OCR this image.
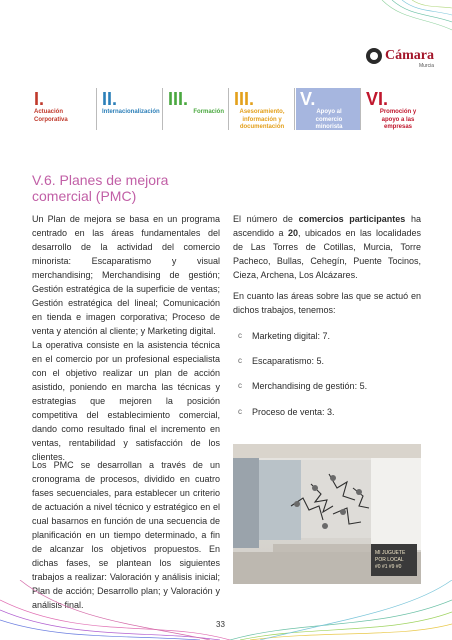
Cámara
Murcia
I.
Actuación Corporativa
II.
Internacionalización
III.
Formación
III.
Asesoramiento, información y documentación
V.
Apoyo al comercio minorista
VI.
Promoción y apoyo a las empresas
V.6. Planes de mejora comercial (PMC)

Un Plan de mejora se basa en un programa centrado en las áreas fundamentales del desarrollo de la actividad del comercio minorista: Escaparatismo y visual merchandising; Merchandising de gestión; Gestión estratégica de la superficie de ventas; Gestión estratégica del lineal; Comunicación en tienda e imagen corporativa; Proceso de venta y atención al cliente; y Marketing digital.

La operativa consiste en la asistencia técnica en el comercio por un profesional especialista con el objetivo realizar un plan de acción asistido, poniendo en marcha las técnicas y estrategias que mejoren la posición competitiva del establecimiento comercial, dando como resultado final el incremento en ventas, rentabilidad y satisfacción de los clientes.

Los PMC se desarrollan a través de un cronograma de procesos, dividido en cuatro fases secuenciales, para establecer un criterio de actuación a nivel técnico y estratégico en el cual basarnos en función de una secuencia de planificación en un tiempo determinado, a fin de alcanzar los objetivos propuestos. En dichas fases, se plantean los siguientes trabajos a realizar: Valoración y análisis inicial; Plan de acción; Desarrollo plan; y Valoración y análisis final.

El número de comercios participantes ha ascendido a 20, ubicados en las localidades de Las Torres de Cotillas, Murcia, Torre Pacheco, Bullas, Cehegín, Puente Tocinos, Cieza, Archena, Los Alcázares.

En cuanto las áreas sobre las que se actuó en dichos trabajos, tenemos:

c Marketing digital: 7.
c Escaparatismo: 5.
c Merchandising de gestión: 5.
c Proceso de venta: 3.
MI JUGUETE POR LOCAL #0 #1 #9 #0
33
